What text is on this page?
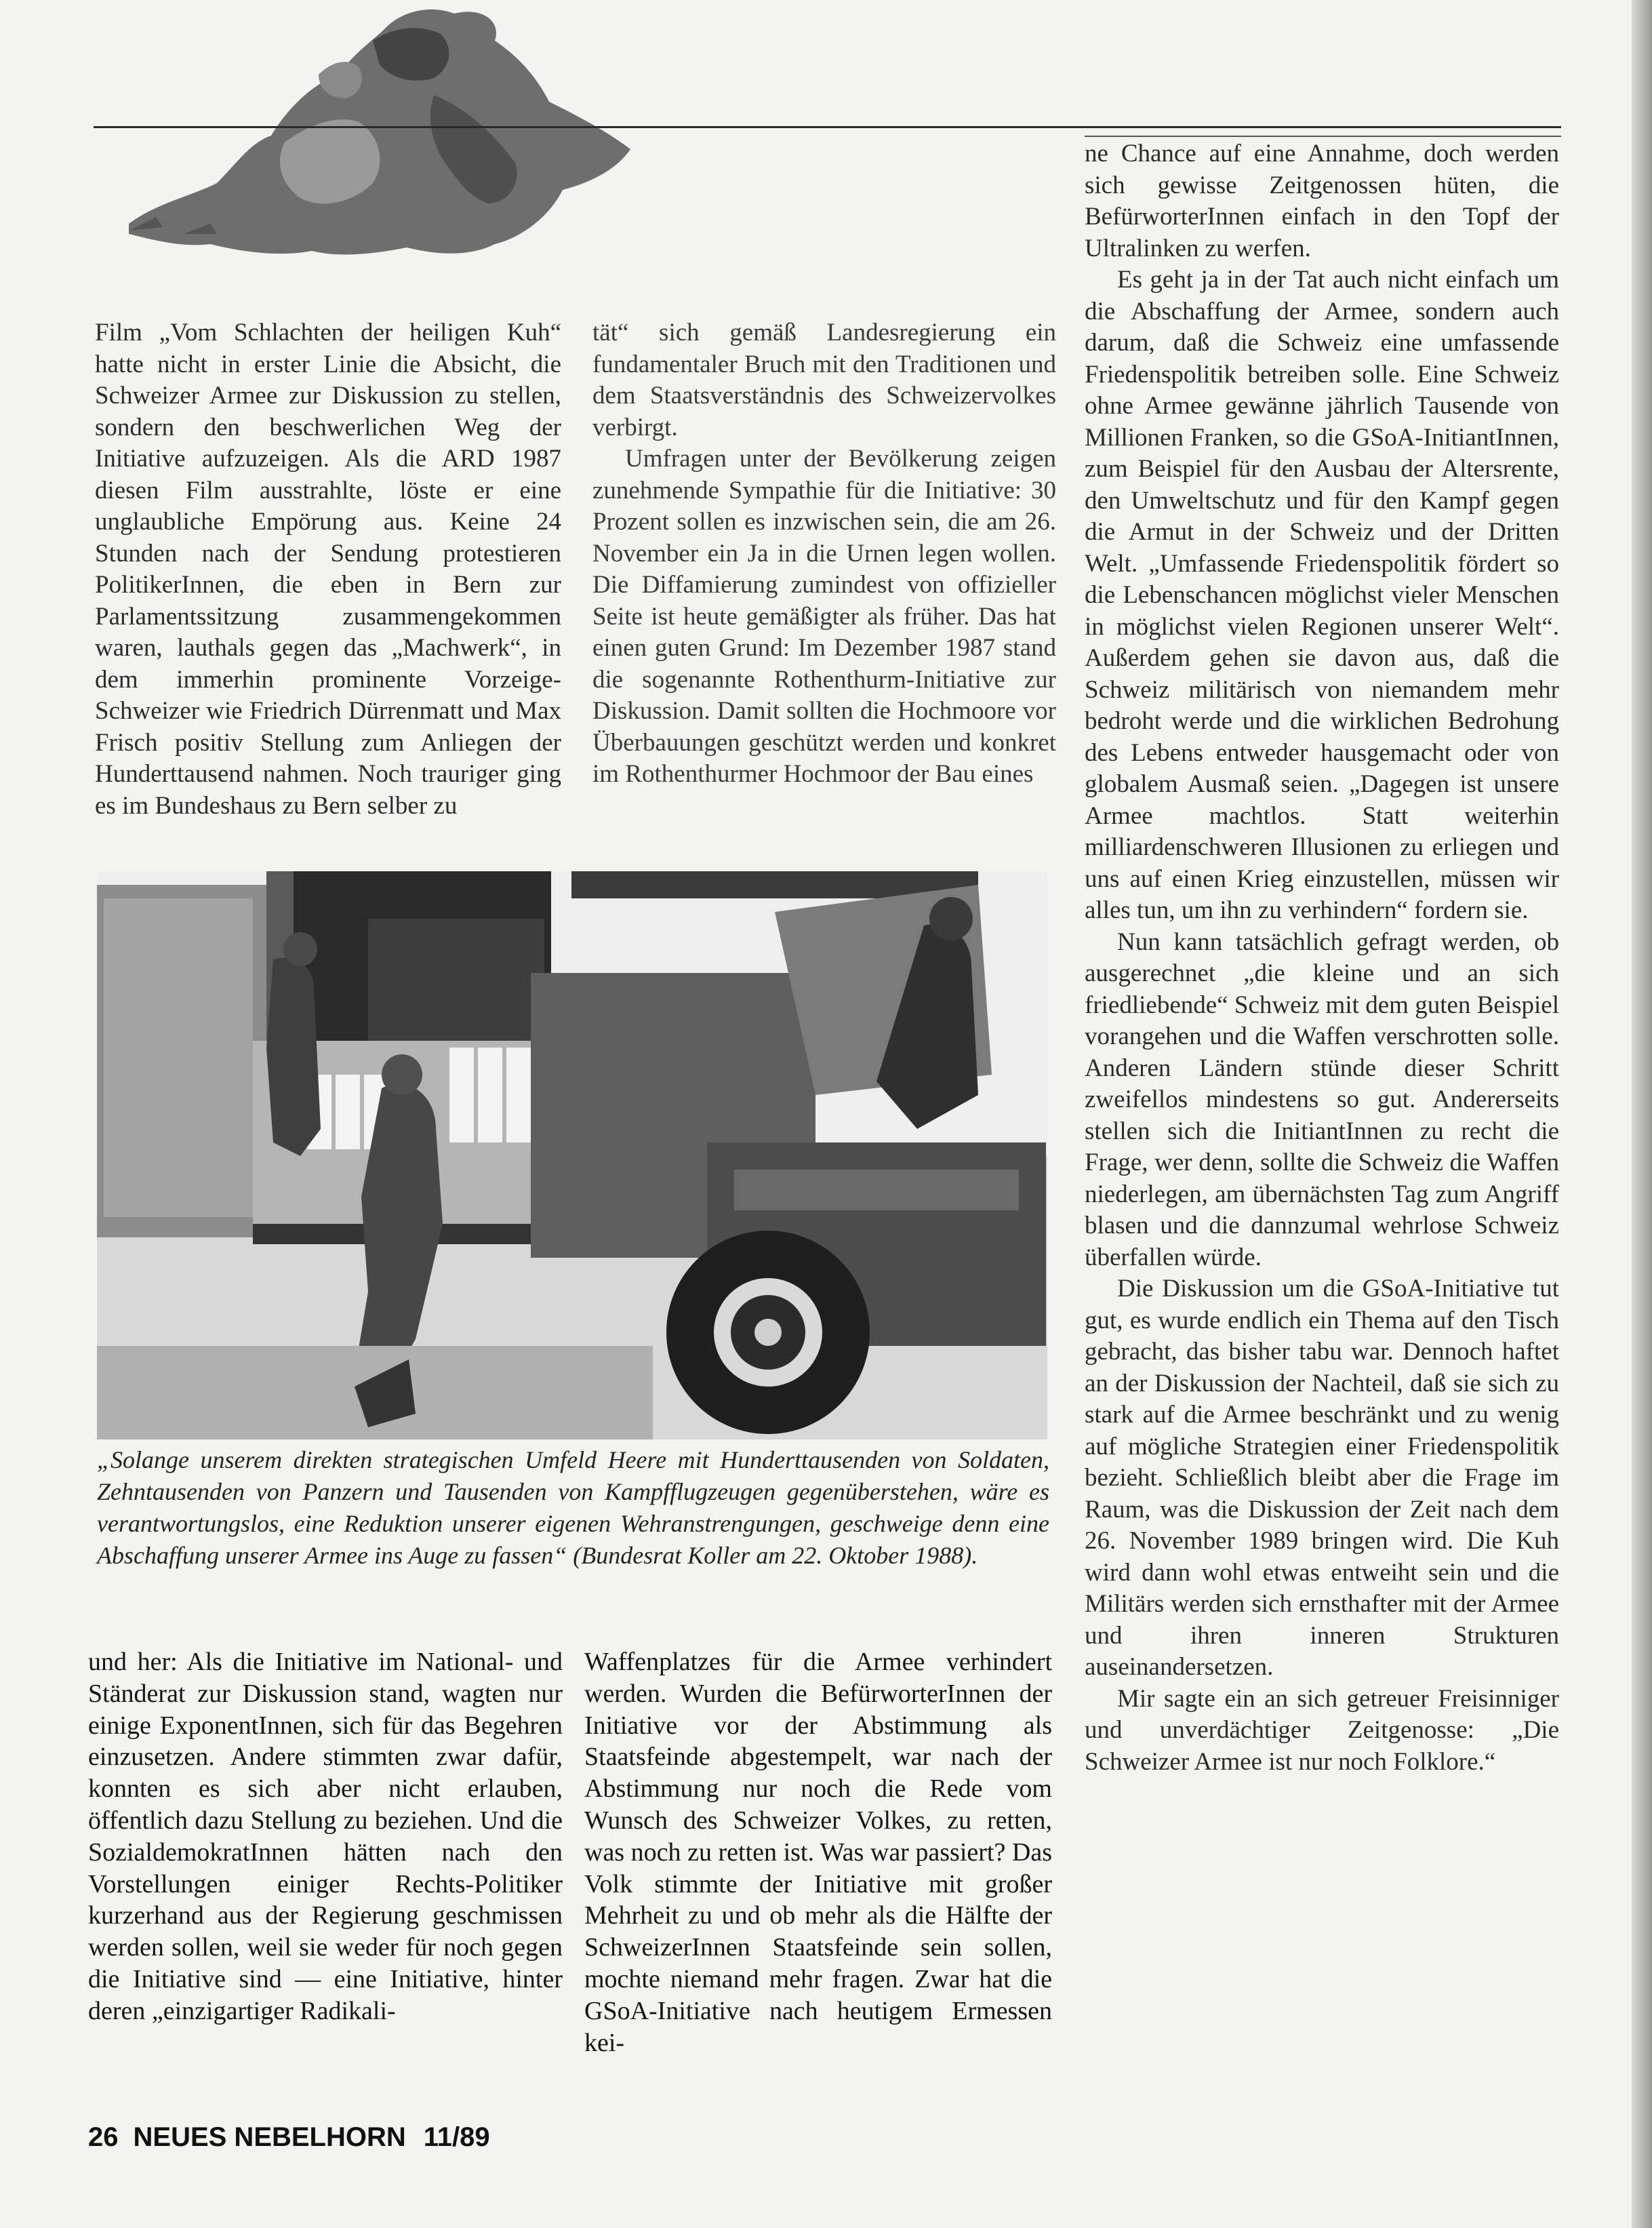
Film „Vom Schlachten der heiligen Kuh“ hatte nicht in erster Linie die Absicht, die Schweizer Armee zur Diskussion zu stellen, sondern den beschwerlichen Weg der Initiative aufzuzeigen. Als die ARD 1987 diesen Film ausstrahlte, löste er eine unglaubliche Empörung aus. Keine 24 Stunden nach der Sendung protestieren PolitikerInnen, die eben in Bern zur Parlamentssitzung zusammengekommen waren, lauthals gegen das „Machwerk“, in dem immerhin prominente Vorzeige-Schweizer wie Friedrich Dürrenmatt und Max Frisch positiv Stellung zum Anliegen der Hunderttausend nahmen. Noch trauriger ging es im Bundeshaus zu Bern selber zu

tät“ sich gemäß Landesregierung ein fundamentaler Bruch mit den Traditionen und dem Staatsverständnis des Schweizervolkes verbirgt.

Umfragen unter der Bevölkerung zeigen zunehmende Sympathie für die Initiative: 30 Prozent sollen es inzwischen sein, die am 26. November ein Ja in die Urnen legen wollen. Die Diffamierung zumindest von offizieller Seite ist heute gemäßigter als früher. Das hat einen guten Grund: Im Dezember 1987 stand die sogenannte Rothenthurm-Initiative zur Diskussion. Damit sollten die Hochmoore vor Überbauungen geschützt werden und konkret im Rothenthurmer Hochmoor der Bau eines

ne Chance auf eine Annahme, doch werden sich gewisse Zeitgenossen hüten, die BefürworterInnen einfach in den Topf der Ultralinken zu werfen.

Es geht ja in der Tat auch nicht einfach um die Abschaffung der Armee, sondern auch darum, daß die Schweiz eine umfassende Friedenspolitik betreiben solle. Eine Schweiz ohne Armee gewänne jährlich Tausende von Millionen Franken, so die GSoA-InitiantInnen, zum Beispiel für den Ausbau der Altersrente, den Umweltschutz und für den Kampf gegen die Armut in der Schweiz und der Dritten Welt. „Umfassende Friedenspolitik fördert so die Lebenschancen möglichst vieler Menschen in möglichst vielen Regionen unserer Welt“. Außerdem gehen sie davon aus, daß die Schweiz militärisch von niemandem mehr bedroht werde und die wirklichen Bedrohung des Lebens entweder hausgemacht oder von globalem Ausmaß seien. „Dagegen ist unsere Armee machtlos. Statt weiterhin milliardenschweren Illusionen zu erliegen und uns auf einen Krieg einzustellen, müssen wir alles tun, um ihn zu verhindern“ fordern sie.

Nun kann tatsächlich gefragt werden, ob ausgerechnet „die kleine und an sich friedliebende“ Schweiz mit dem guten Beispiel vorangehen und die Waffen verschrotten solle. Anderen Ländern stünde dieser Schritt zweifellos mindestens so gut. Andererseits stellen sich die InitiantInnen zu recht die Frage, wer denn, sollte die Schweiz die Waffen niederlegen, am übernächsten Tag zum Angriff blasen und die dannzumal wehrlose Schweiz überfallen würde.

Die Diskussion um die GSoA-Initiative tut gut, es wurde endlich ein Thema auf den Tisch gebracht, das bisher tabu war. Dennoch haftet an der Diskussion der Nachteil, daß sie sich zu stark auf die Armee beschränkt und zu wenig auf mögliche Strategien einer Friedenspolitik bezieht. Schließlich bleibt aber die Frage im Raum, was die Diskussion der Zeit nach dem 26. November 1989 bringen wird. Die Kuh wird dann wohl etwas entweiht sein und die Militärs werden sich ernsthafter mit der Armee und ihren inneren Strukturen auseinandersetzen.

Mir sagte ein an sich getreuer Freisinniger und unverdächtiger Zeitgenosse: „Die Schweizer Armee ist nur noch Folklore.“

„Solange unserem direkten strategischen Umfeld Heere mit Hunderttausenden von Soldaten, Zehntausenden von Panzern und Tausenden von Kampfflugzeugen gegenüberstehen, wäre es verantwortungslos, eine Reduktion unserer eigenen Wehranstrengungen, geschweige denn eine Abschaffung unserer Armee ins Auge zu fassen“ (Bundesrat Koller am 22. Oktober 1988).

und her: Als die Initiative im National- und Ständerat zur Diskussion stand, wagten nur einige ExponentInnen, sich für das Begehren einzusetzen. Andere stimmten zwar dafür, konnten es sich aber nicht erlauben, öffentlich dazu Stellung zu beziehen. Und die SozialdemokratInnen hätten nach den Vorstellungen einiger Rechts-Politiker kurzerhand aus der Regierung geschmissen werden sollen, weil sie weder für noch gegen die Initiative sind — eine Initiative, hinter deren „einzigartiger Radikali-

Waffenplatzes für die Armee verhindert werden. Wurden die BefürworterInnen der Initiative vor der Abstimmung als Staatsfeinde abgestempelt, war nach der Abstimmung nur noch die Rede vom Wunsch des Schweizer Volkes, zu retten, was noch zu retten ist. Was war passiert? Das Volk stimmte der Initiative mit großer Mehrheit zu und ob mehr als die Hälfte der SchweizerInnen Staatsfeinde sein sollen, mochte niemand mehr fragen. Zwar hat die GSoA-Initiative nach heutigem Ermessen kei-

26 NEUES NEBELHORN 11/89
